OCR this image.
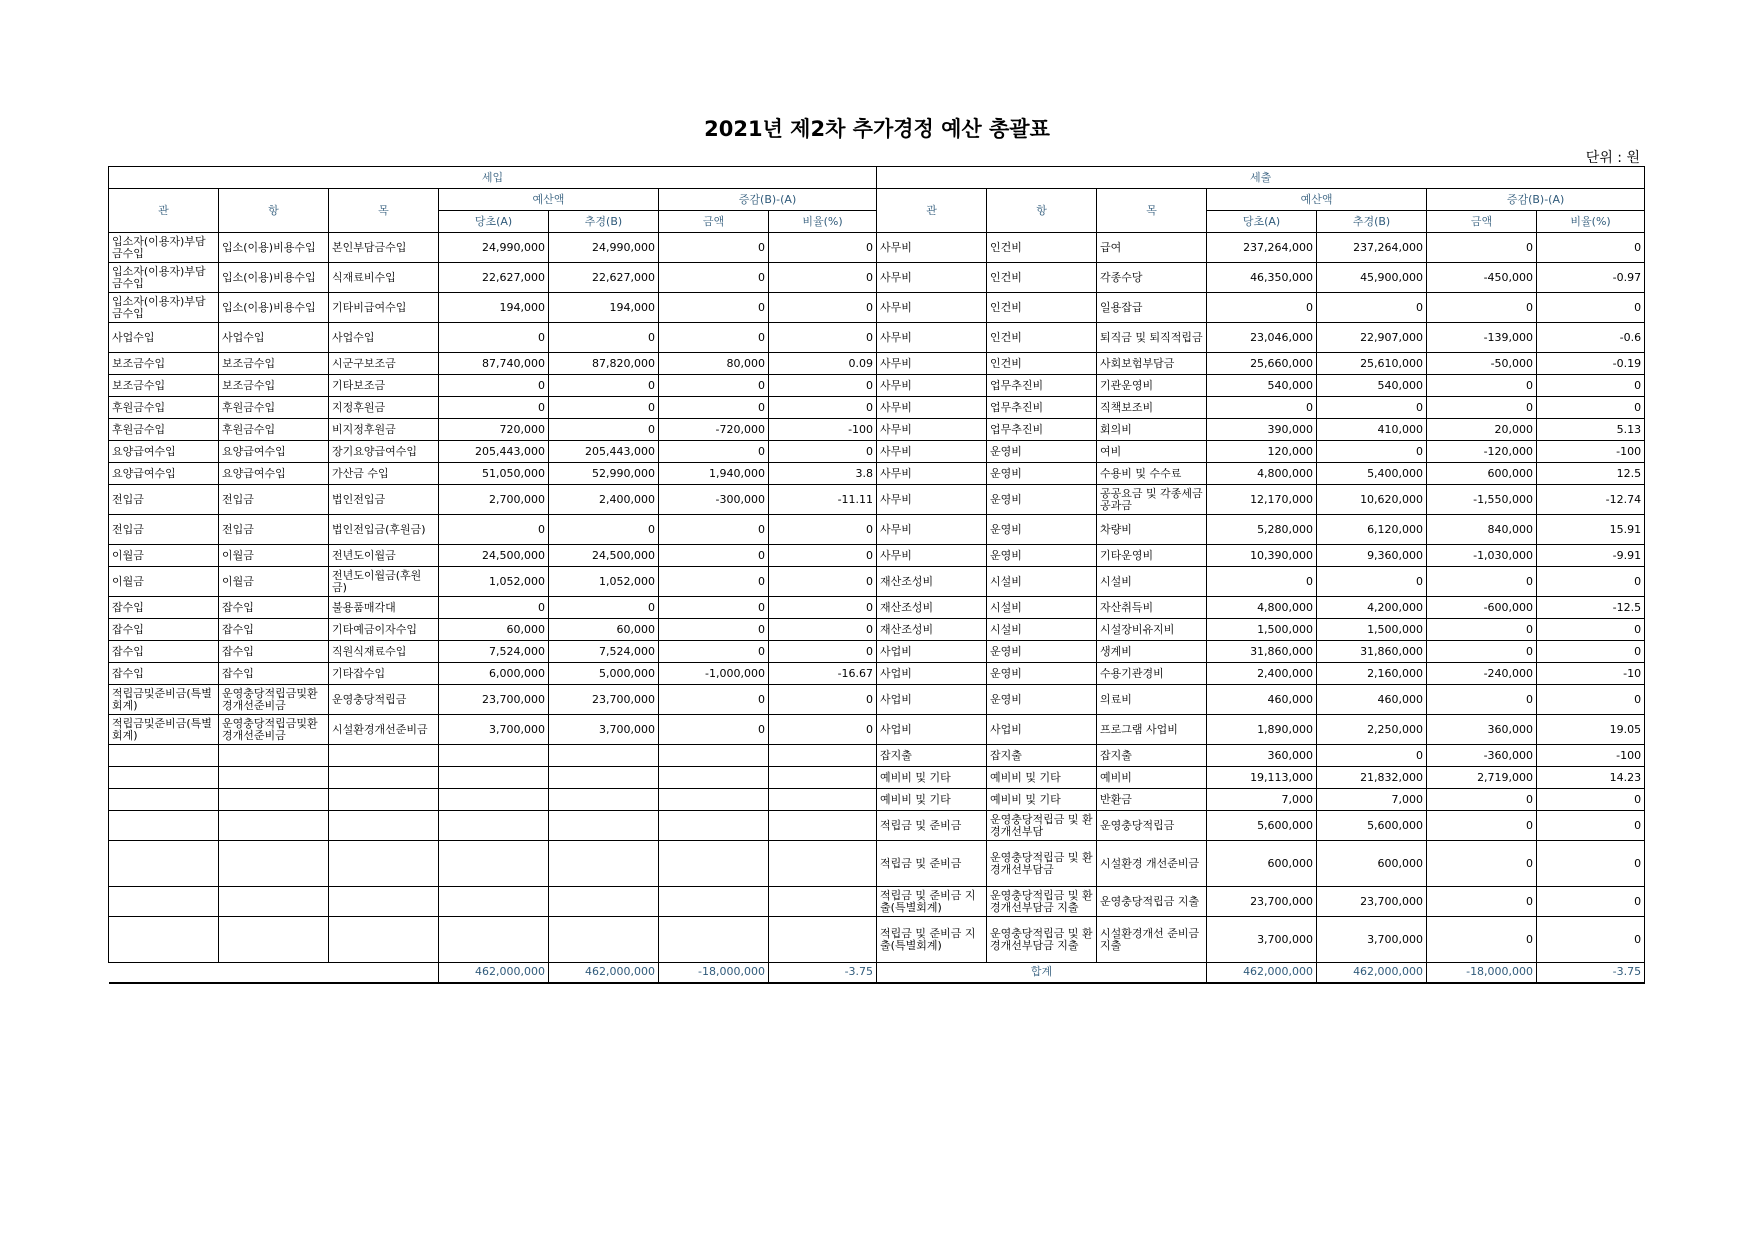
2021년 제2차 추가경정 예산 총괄표
단위 : 원
세입							세출						
관	항	목	예산액		증감(B)-(A)		관	항	목	예산액		증감(B)-(A)	
			당초(A)	추경(B)	금액	비율(%)				당초(A)	추경(B)	금액	비율(%)
입소자(이용자)부담금수입	입소(이용)비용수입	본인부담금수입	24,990,000	24,990,000	0	0	사무비	인건비	급여	237,264,000	237,264,000	0	0
입소자(이용자)부담금수입	입소(이용)비용수입	식재료비수입	22,627,000	22,627,000	0	0	사무비	인건비	각종수당	46,350,000	45,900,000	-450,000	-0.97
입소자(이용자)부담금수입	입소(이용)비용수입	기타비급여수입	194,000	194,000	0	0	사무비	인건비	일용잡급	0	0	0	0
사업수입	사업수입	사업수입	0	0	0	0	사무비	인건비	퇴직금 및 퇴직적립금	23,046,000	22,907,000	-139,000	-0.6
보조금수입	보조금수입	시군구보조금	87,740,000	87,820,000	80,000	0.09	사무비	인건비	사회보험부담금	25,660,000	25,610,000	-50,000	-0.19
보조금수입	보조금수입	기타보조금	0	0	0	0	사무비	업무추진비	기관운영비	540,000	540,000	0	0
후원금수입	후원금수입	지정후원금	0	0	0	0	사무비	업무추진비	직책보조비	0	0	0	0
후원금수입	후원금수입	비지정후원금	720,000	0	-720,000	-100	사무비	업무추진비	회의비	390,000	410,000	20,000	5.13
요양급여수입	요양급여수입	장기요양급여수입	205,443,000	205,443,000	0	0	사무비	운영비	여비	120,000	0	-120,000	-100
요양급여수입	요양급여수입	가산금 수입	51,050,000	52,990,000	1,940,000	3.8	사무비	운영비	수용비 및 수수료	4,800,000	5,400,000	600,000	12.5
전입금	전입금	법인전입금	2,700,000	2,400,000	-300,000	-11.11	사무비	운영비	공공요금 및 각종세금공과금	12,170,000	10,620,000	-1,550,000	-12.74
전입금	전입금	법인전입금(후원금)	0	0	0	0	사무비	운영비	차량비	5,280,000	6,120,000	840,000	15.91
이월금	이월금	전년도이월금	24,500,000	24,500,000	0	0	사무비	운영비	기타운영비	10,390,000	9,360,000	-1,030,000	-9.91
이월금	이월금	전년도이월금(후원금)	1,052,000	1,052,000	0	0	재산조성비	시설비	시설비	0	0	0	0
잡수입	잡수입	불용품매각대	0	0	0	0	재산조성비	시설비	자산취득비	4,800,000	4,200,000	-600,000	-12.5
잡수입	잡수입	기타예금이자수입	60,000	60,000	0	0	재산조성비	시설비	시설장비유지비	1,500,000	1,500,000	0	0
잡수입	잡수입	직원식재료수입	7,524,000	7,524,000	0	0	사업비	운영비	생계비	31,860,000	31,860,000	0	0
잡수입	잡수입	기타잡수입	6,000,000	5,000,000	-1,000,000	-16.67	사업비	운영비	수용기관경비	2,400,000	2,160,000	-240,000	-10
적립금및준비금(특별회계)	운영충당적립금및환경개선준비금	운영충당적립금	23,700,000	23,700,000	0	0	사업비	운영비	의료비	460,000	460,000	0	0
적립금및준비금(특별회계)	운영충당적립금및환경개선준비금	시설환경개선준비금	3,700,000	3,700,000	0	0	사업비	사업비	프로그램 사업비	1,890,000	2,250,000	360,000	19.05
							잡지출	잡지출	잡지출	360,000	0	-360,000	-100
							예비비 및 기타	예비비 및 기타	예비비	19,113,000	21,832,000	2,719,000	14.23
							예비비 및 기타	예비비 및 기타	반환금	7,000	7,000	0	0
							적립금 및 준비금	운영충당적립금 및 환경개선부담	운영충당적립금	5,600,000	5,600,000	0	0
							적립금 및 준비금	운영충당적립금 및 환경개선부담금	시설환경 개선준비금	600,000	600,000	0	0
							적립금 및 준비금 지출(특별회계)	운영충당적립금 및 환경개선부담금 지출	운영충당적립금 지출	23,700,000	23,700,000	0	0
							적립금 및 준비금 지출(특별회계)	운영충당적립금 및 환경개선부담금 지출	시설환경개선 준비금 지출	3,700,000	3,700,000	0	0
			462,000,000	462,000,000	-18,000,000	-3.75	합계			462,000,000	462,000,000	-18,000,000	-3.75
